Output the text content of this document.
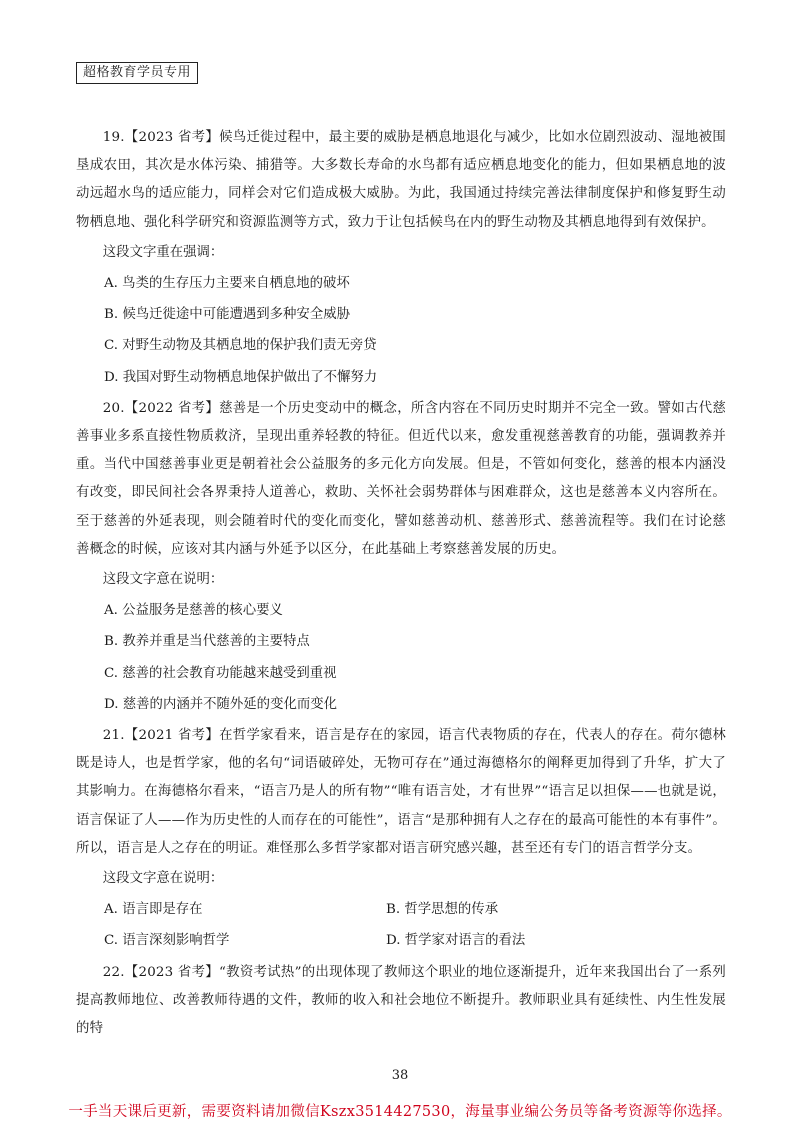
超格教育学员专用

19.【2023 省考】候鸟迁徙过程中，最主要的威胁是栖息地退化与减少，比如水位剧烈波动、湿地被围垦成农田，其次是水体污染、捕猎等。大多数长寿命的水鸟都有适应栖息地变化的能力，但如果栖息地的波动远超水鸟的适应能力，同样会对它们造成极大威胁。为此，我国通过持续完善法律制度保护和修复野生动物栖息地、强化科学研究和资源监测等方式，致力于让包括候鸟在内的野生动物及其栖息地得到有效保护。

这段文字重在强调：

A. 鸟类的生存压力主要来自栖息地的破坏
B. 候鸟迁徙途中可能遭遇到多种安全威胁
C. 对野生动物及其栖息地的保护我们责无旁贷
D. 我国对野生动物栖息地保护做出了不懈努力

20.【2022 省考】慈善是一个历史变动中的概念，所含内容在不同历史时期并不完全一致。譬如古代慈善事业多系直接性物质救济，呈现出重养轻教的特征。但近代以来，愈发重视慈善教育的功能，强调教养并重。当代中国慈善事业更是朝着社会公益服务的多元化方向发展。但是，不管如何变化，慈善的根本内涵没有改变，即民间社会各界秉持人道善心，救助、关怀社会弱势群体与困难群众，这也是慈善本义内容所在。至于慈善的外延表现，则会随着时代的变化而变化，譬如慈善动机、慈善形式、慈善流程等。我们在讨论慈善概念的时候，应该对其内涵与外延予以区分，在此基础上考察慈善发展的历史。

这段文字意在说明：

A. 公益服务是慈善的核心要义
B. 教养并重是当代慈善的主要特点
C. 慈善的社会教育功能越来越受到重视
D. 慈善的内涵并不随外延的变化而变化

21.【2021 省考】在哲学家看来，语言是存在的家园，语言代表物质的存在，代表人的存在。荷尔德林既是诗人，也是哲学家，他的名句“词语破碎处，无物可存在”通过海德格尔的阐释更加得到了升华，扩大了其影响力。在海德格尔看来，“语言乃是人的所有物”“唯有语言处，才有世界”“语言足以担保——也就是说，语言保证了人——作为历史性的人而存在的可能性”，语言“是那种拥有人之存在的最高可能性的本有事件”。所以，语言是人之存在的明证。难怪那么多哲学家都对语言研究感兴趣，甚至还有专门的语言哲学分支。

这段文字意在说明：

A. 语言即是存在	B. 哲学思想的传承
C. 语言深刻影响哲学	D. 哲学家对语言的看法

22.【2023 省考】“教资考试热”的出现体现了教师这个职业的地位逐渐提升，近年来我国出台了一系列提高教师地位、改善教师待遇的文件，教师的收入和社会地位不断提升。教师职业具有延续性、内生性发展的特

38
一手当天课后更新，需要资料请加微信Kszx3514427530，海量事业编公务员等备考资源等你选择。
